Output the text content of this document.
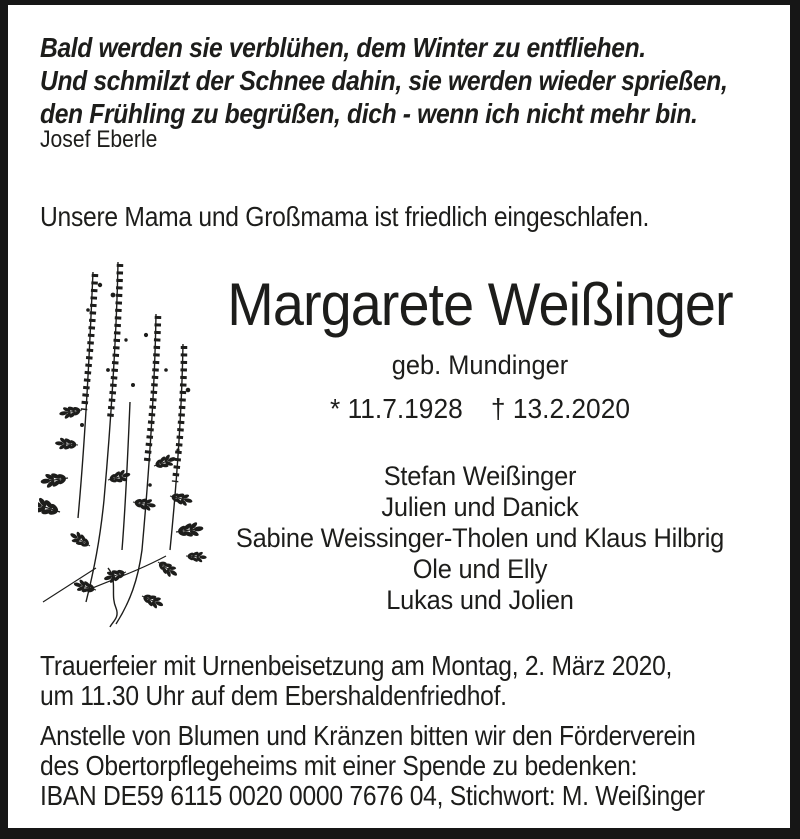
Bald werden sie verblühen, dem Winter zu entfliehen.
Und schmilzt der Schnee dahin, sie werden wieder sprießen,
den Frühling zu begrüßen, dich - wenn ich nicht mehr bin.
Josef Eberle
Unsere Mama und Großmama ist friedlich eingeschlafen.
Margarete Weißinger
geb. Mundinger
* 11.7.1928 † 13.2.2020
Stefan Weißinger
Julien und Danick
Sabine Weissinger-Tholen und Klaus Hilbrig
Ole und Elly
Lukas und Jolien
Trauerfeier mit Urnenbeisetzung am Montag, 2. März 2020,
um 11.30 Uhr auf dem Ebershaldenfriedhof.
Anstelle von Blumen und Kränzen bitten wir den Förderverein
des Obertorpflegeheims mit einer Spende zu bedenken:
IBAN DE59 6115 0020 0000 7676 04, Stichwort: M. Weißinger
